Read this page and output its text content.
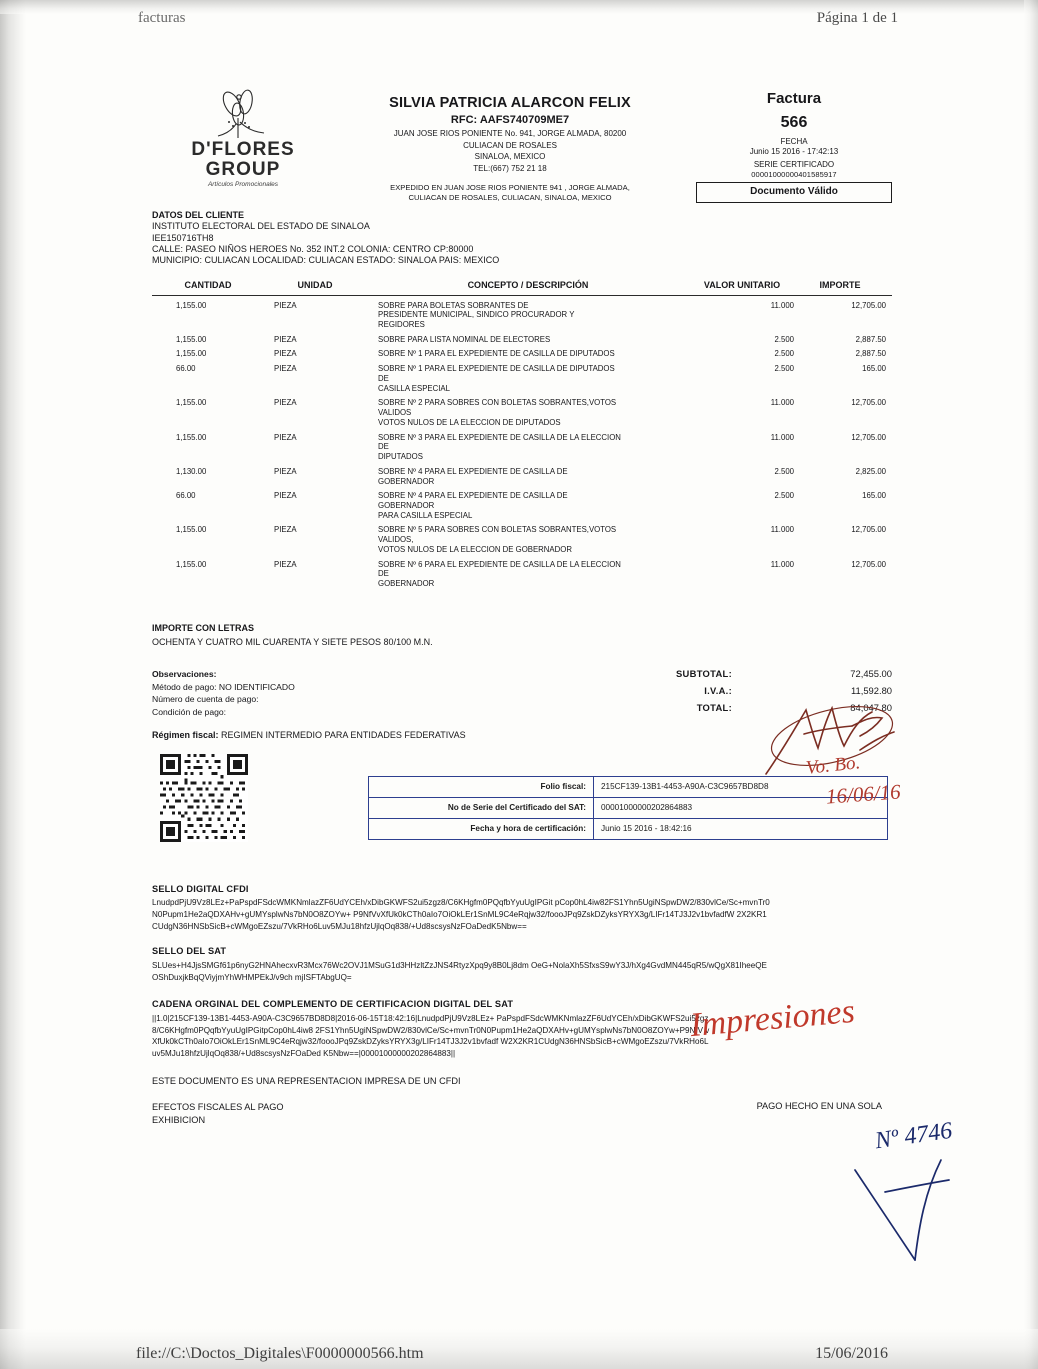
facturas	Página 1 de 1
D'FLORES
GROUP
Artículos Promocionales
SILVIA PATRICIA ALARCON FELIX
RFC: AAFS740709ME7
JUAN JOSE RIOS PONIENTE No. 941, JORGE ALMADA, 80200
CULIACAN DE ROSALES
SINALOA, MEXICO
TEL:(667) 752 21 18
EXPEDIDO EN JUAN JOSE RIOS PONIENTE 941 , JORGE ALMADA,
CULIACAN DE ROSALES, CULIACAN, SINALOA, MEXICO
Factura
566
FECHA
Junio 15 2016 - 17:42:13
SERIE CERTIFICADO
00001000000401585917
Documento Válido
DATOS DEL CLIENTE
INSTITUTO ELECTORAL DEL ESTADO DE SINALOA
IEE150716TH8
CALLE: PASEO NIÑOS HEROES No. 352 INT.2 COLONIA: CENTRO CP:80000
MUNICIPIO: CULIACAN LOCALIDAD: CULIACAN ESTADO: SINALOA PAIS: MEXICO
CANTIDAD	UNIDAD	CONCEPTO / DESCRIPCIÓN	VALOR UNITARIO	IMPORTE
1,155.00	PIEZA	SOBRE PARA BOLETAS SOBRANTES DE
PRESIDENTE MUNICIPAL, SINDICO PROCURADOR Y
REGIDORES	11.000	12,705.00
1,155.00	PIEZA	SOBRE PARA LISTA NOMINAL DE ELECTORES	2.500	2,887.50
1,155.00	PIEZA	SOBRE Nº 1 PARA EL EXPEDIENTE DE CASILLA DE DIPUTADOS	2.500	2,887.50
66.00	PIEZA	SOBRE Nº 1 PARA EL EXPEDIENTE DE CASILLA DE DIPUTADOS
DE
CASILLA ESPECIAL	2.500	165.00
1,155.00	PIEZA	SOBRE Nº 2 PARA SOBRES CON BOLETAS SOBRANTES,VOTOS
VALIDOS
VOTOS NULOS DE LA ELECCION DE DIPUTADOS	11.000	12,705.00
1,155.00	PIEZA	SOBRE Nº 3 PARA EL EXPEDIENTE DE CASILLA DE LA ELECCION
DE
DIPUTADOS	11.000	12,705.00
1,130.00	PIEZA	SOBRE Nº 4 PARA EL EXPEDIENTE DE CASILLA DE
GOBERNADOR	2.500	2,825.00
66.00	PIEZA	SOBRE Nº 4 PARA EL EXPEDIENTE DE CASILLA DE
GOBERNADOR
PARA CASILLA ESPECIAL	2.500	165.00
1,155.00	PIEZA	SOBRE Nº 5 PARA SOBRES CON BOLETAS SOBRANTES,VOTOS
VALIDOS,
VOTOS NULOS DE LA ELECCION DE GOBERNADOR	11.000	12,705.00
1,155.00	PIEZA	SOBRE Nº 6 PARA EL EXPEDIENTE DE CASILLA DE LA ELECCION
DE
GOBERNADOR	11.000	12,705.00
IMPORTE CON LETRAS
OCHENTA Y CUATRO MIL CUARENTA Y SIETE PESOS 80/100 M.N.
Observaciones:
Método de pago: NO IDENTIFICADO
Número de cuenta de pago:
Condición de pago:
SUBTOTAL:	72,455.00
I.V.A.:	11,592.80
TOTAL:	84,047.80
Régimen fiscal: REGIMEN INTERMEDIO PARA ENTIDADES FEDERATIVAS
Folio fiscal:	215CF139-13B1-4453-A90A-C3C9657BD8D8
No de Serie del Certificado del SAT:	00001000000202864883
Fecha y hora de certificación:	Junio 15 2016 - 18:42:16
SELLO DIGITAL CFDI
LnudpdPjU9Vz8LEz+PaPspdFSdcWMKNmlazZF6UdYCEh/xDibGKWFS2ui5zgz8/C6KHgfm0PQqfbYyuUgIPGit pCop0hL4iw82FS1Yhn5UgiNSpwDW2/830vlCe/Sc+mvnTr0N0Pupm1He2aQDXAHv+gUMYsplwNs7bN0O8ZOYw+ P9NfVvXfUk0kCTh0aIo7OiOkLEr1SnML9C4eRqjw32/foooJPq9ZskDZyksYRYX3g/LIFr14TJ3J2v1bvfadfW 2X2KR1CUdgN36HNSbSicB+cWMgoEZszu/7VkRHo6Luv5MJu18hfzUjlqOq838/+Ud8scsysNzFOaDedK5Nbw==
SELLO DEL SAT
SLUes+H4JjsSMGf61p6nyG2HNAhecxvR3Mcx76Wc2OVJ1MSuG1d3HHzltZzJNS4RtyzXpq9y8B0Lj8dm OeG+NolaXh5SfxsS9wY3J/hXg4GvdMN445qR5/wQgX81IheeQEOShDuxjkBqQViyjmYhWHMPEkJ/v9ch mjISFTAbgUQ=
CADENA ORGINAL DEL COMPLEMENTO DE CERTIFICACION DIGITAL DEL SAT
||1.0|215CF139-13B1-4453-A90A-C3C9657BD8D8|2016-06-15T18:42:16|LnudpdPjU9Vz8LEz+ PaPspdFSdcWMKNmlazZF6UdYCEh/xDibGKWFS2ui5zgz8/C6KHgfm0PQqfbYyuUgIPGitpCop0hL4iw8 2FS1Yhn5UgiNSpwDW2/830vlCe/Sc+mvnTr0N0Pupm1He2aQDXAHv+gUMYsplwNs7bN0O8ZOYw+P9NfV vXfUk0kCTh0aIo7OiOkLEr1SnML9C4eRqjw32/foooJPq9ZskDZyksYRYX3g/LIFr14TJ3J2v1bvfadf W2X2KR1CUdgN36HNSbSicB+cWMgoEZszu/7VkRHo6Luv5MJu18hfzUjlqOq838/+Ud8scsysNzFOaDed K5Nbw==|00001000000202864883||
ESTE DOCUMENTO ES UNA REPRESENTACION IMPRESA DE UN CFDI
EFECTOS FISCALES AL PAGO
EXHIBICION
PAGO HECHO EN UNA SOLA
Vo. Bo.
16/06/16
Impresiones
Nº 4746
file://C:\Doctos_Digitales\F0000000566.htm	15/06/2016
